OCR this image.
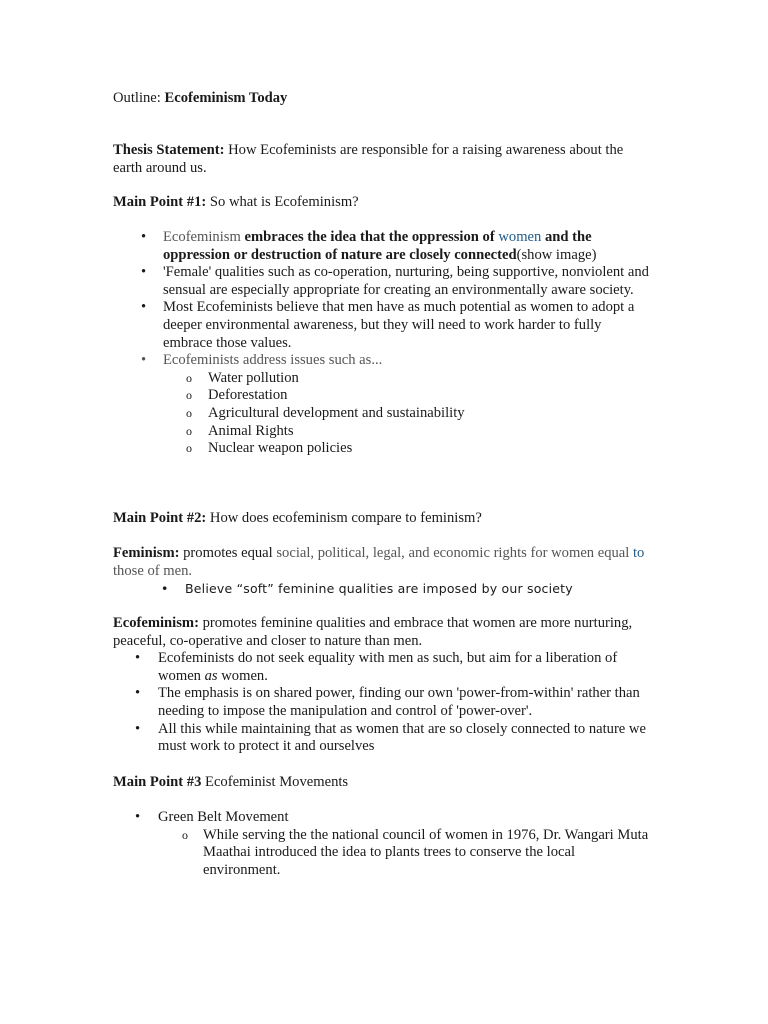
Outline: Ecofeminism Today
Thesis Statement: How Ecofeminists are responsible for a raising awareness about the earth around us.
Main Point #1: So what is Ecofeminism?
• Ecofeminism embraces the idea that the oppression of women and the oppression or destruction of nature are closely connected(show image)
• 'Female' qualities such as co-operation, nurturing, being supportive, nonviolent and sensual are especially appropriate for creating an environmentally aware society.
• Most Ecofeminists believe that men have as much potential as women to adopt a deeper environmental awareness, but they will need to work harder to fully embrace those values.
• Ecofeminists address issues such as...
o Water pollution
o Deforestation
o Agricultural development and sustainability
o Animal Rights
o Nuclear weapon policies
Main Point #2: How does ecofeminism compare to feminism?
Feminism: promotes equal social, political, legal, and economic rights for women equal to those of men.
• Believe “soft” feminine qualities are imposed by our society
Ecofeminism: promotes feminine qualities and embrace that women are more nurturing, peaceful, co-operative and closer to nature than men.
• Ecofeminists do not seek equality with men as such, but aim for a liberation of women as women.
• The emphasis is on shared power, finding our own 'power-from-within' rather than needing to impose the manipulation and control of 'power-over'.
• All this while maintaining that as women that are so closely connected to nature we must work to protect it and ourselves
Main Point #3 Ecofeminist Movements
• Green Belt Movement
o While serving the the national council of women in 1976, Dr. Wangari Muta Maathai introduced the idea to plants trees to conserve the local environment.
